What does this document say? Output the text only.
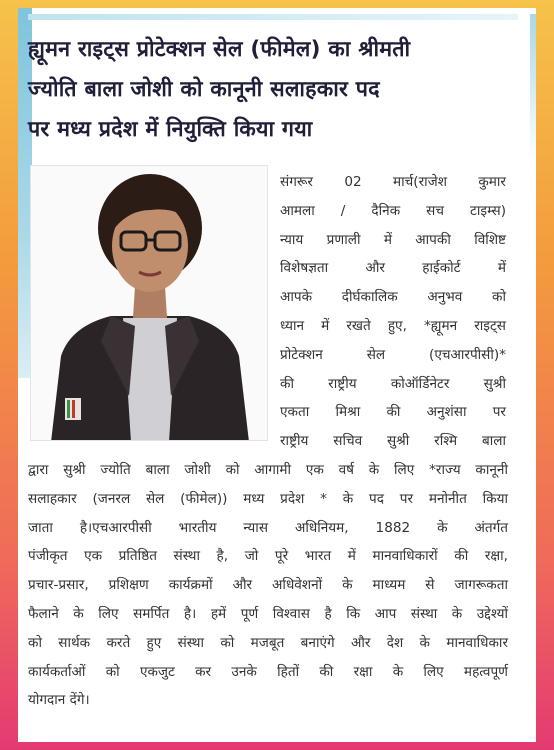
ह्यूमन राइट्स प्रोटेक्शन सेल (फीमेल) का श्रीमती
ज्योति बाला जोशी को कानूनी सलाहकार पद
पर मध्य प्रदेश में नियुक्ति किया गया
संगरूर 02 मार्च(राजेश कुमार
आमला / दैनिक सच टाइम्स)
न्याय प्रणाली में आपकी विशिष्ट
विशेषज्ञता और हाईकोर्ट में
आपके दीर्घकालिक अनुभव को
ध्यान में रखते हुए, *ह्यूमन राइट्स
प्रोटेक्शन सेल (एचआरपीसी)*
की राष्ट्रीय कोऑर्डिनेटर सुश्री
एकता मिश्रा की अनुशंसा पर
राष्ट्रीय सचिव सुश्री रश्मि बाला
द्वारा सुश्री ज्योति बाला जोशी को आगामी एक वर्ष के लिए *राज्य कानूनी
सलाहकार (जनरल सेल (फीमेल)) मध्य प्रदेश * के पद पर मनोनीत किया
जाता है।एचआरपीसी भारतीय न्यास अधिनियम, 1882 के अंतर्गत
पंजीकृत एक प्रतिष्ठित संस्था है, जो पूरे भारत में मानवाधिकारों की रक्षा,
प्रचार-प्रसार, प्रशिक्षण कार्यक्रमों और अधिवेशनों के माध्यम से जागरूकता
फैलाने के लिए समर्पित है। हमें पूर्ण विश्वास है कि आप संस्था के उद्देश्यों
को सार्थक करते हुए संस्था को मजबूत बनाएंगे और देश के मानवाधिकार
कार्यकर्ताओं को एकजुट कर उनके हितों की रक्षा के लिए महत्वपूर्ण
योगदान देंगे।
